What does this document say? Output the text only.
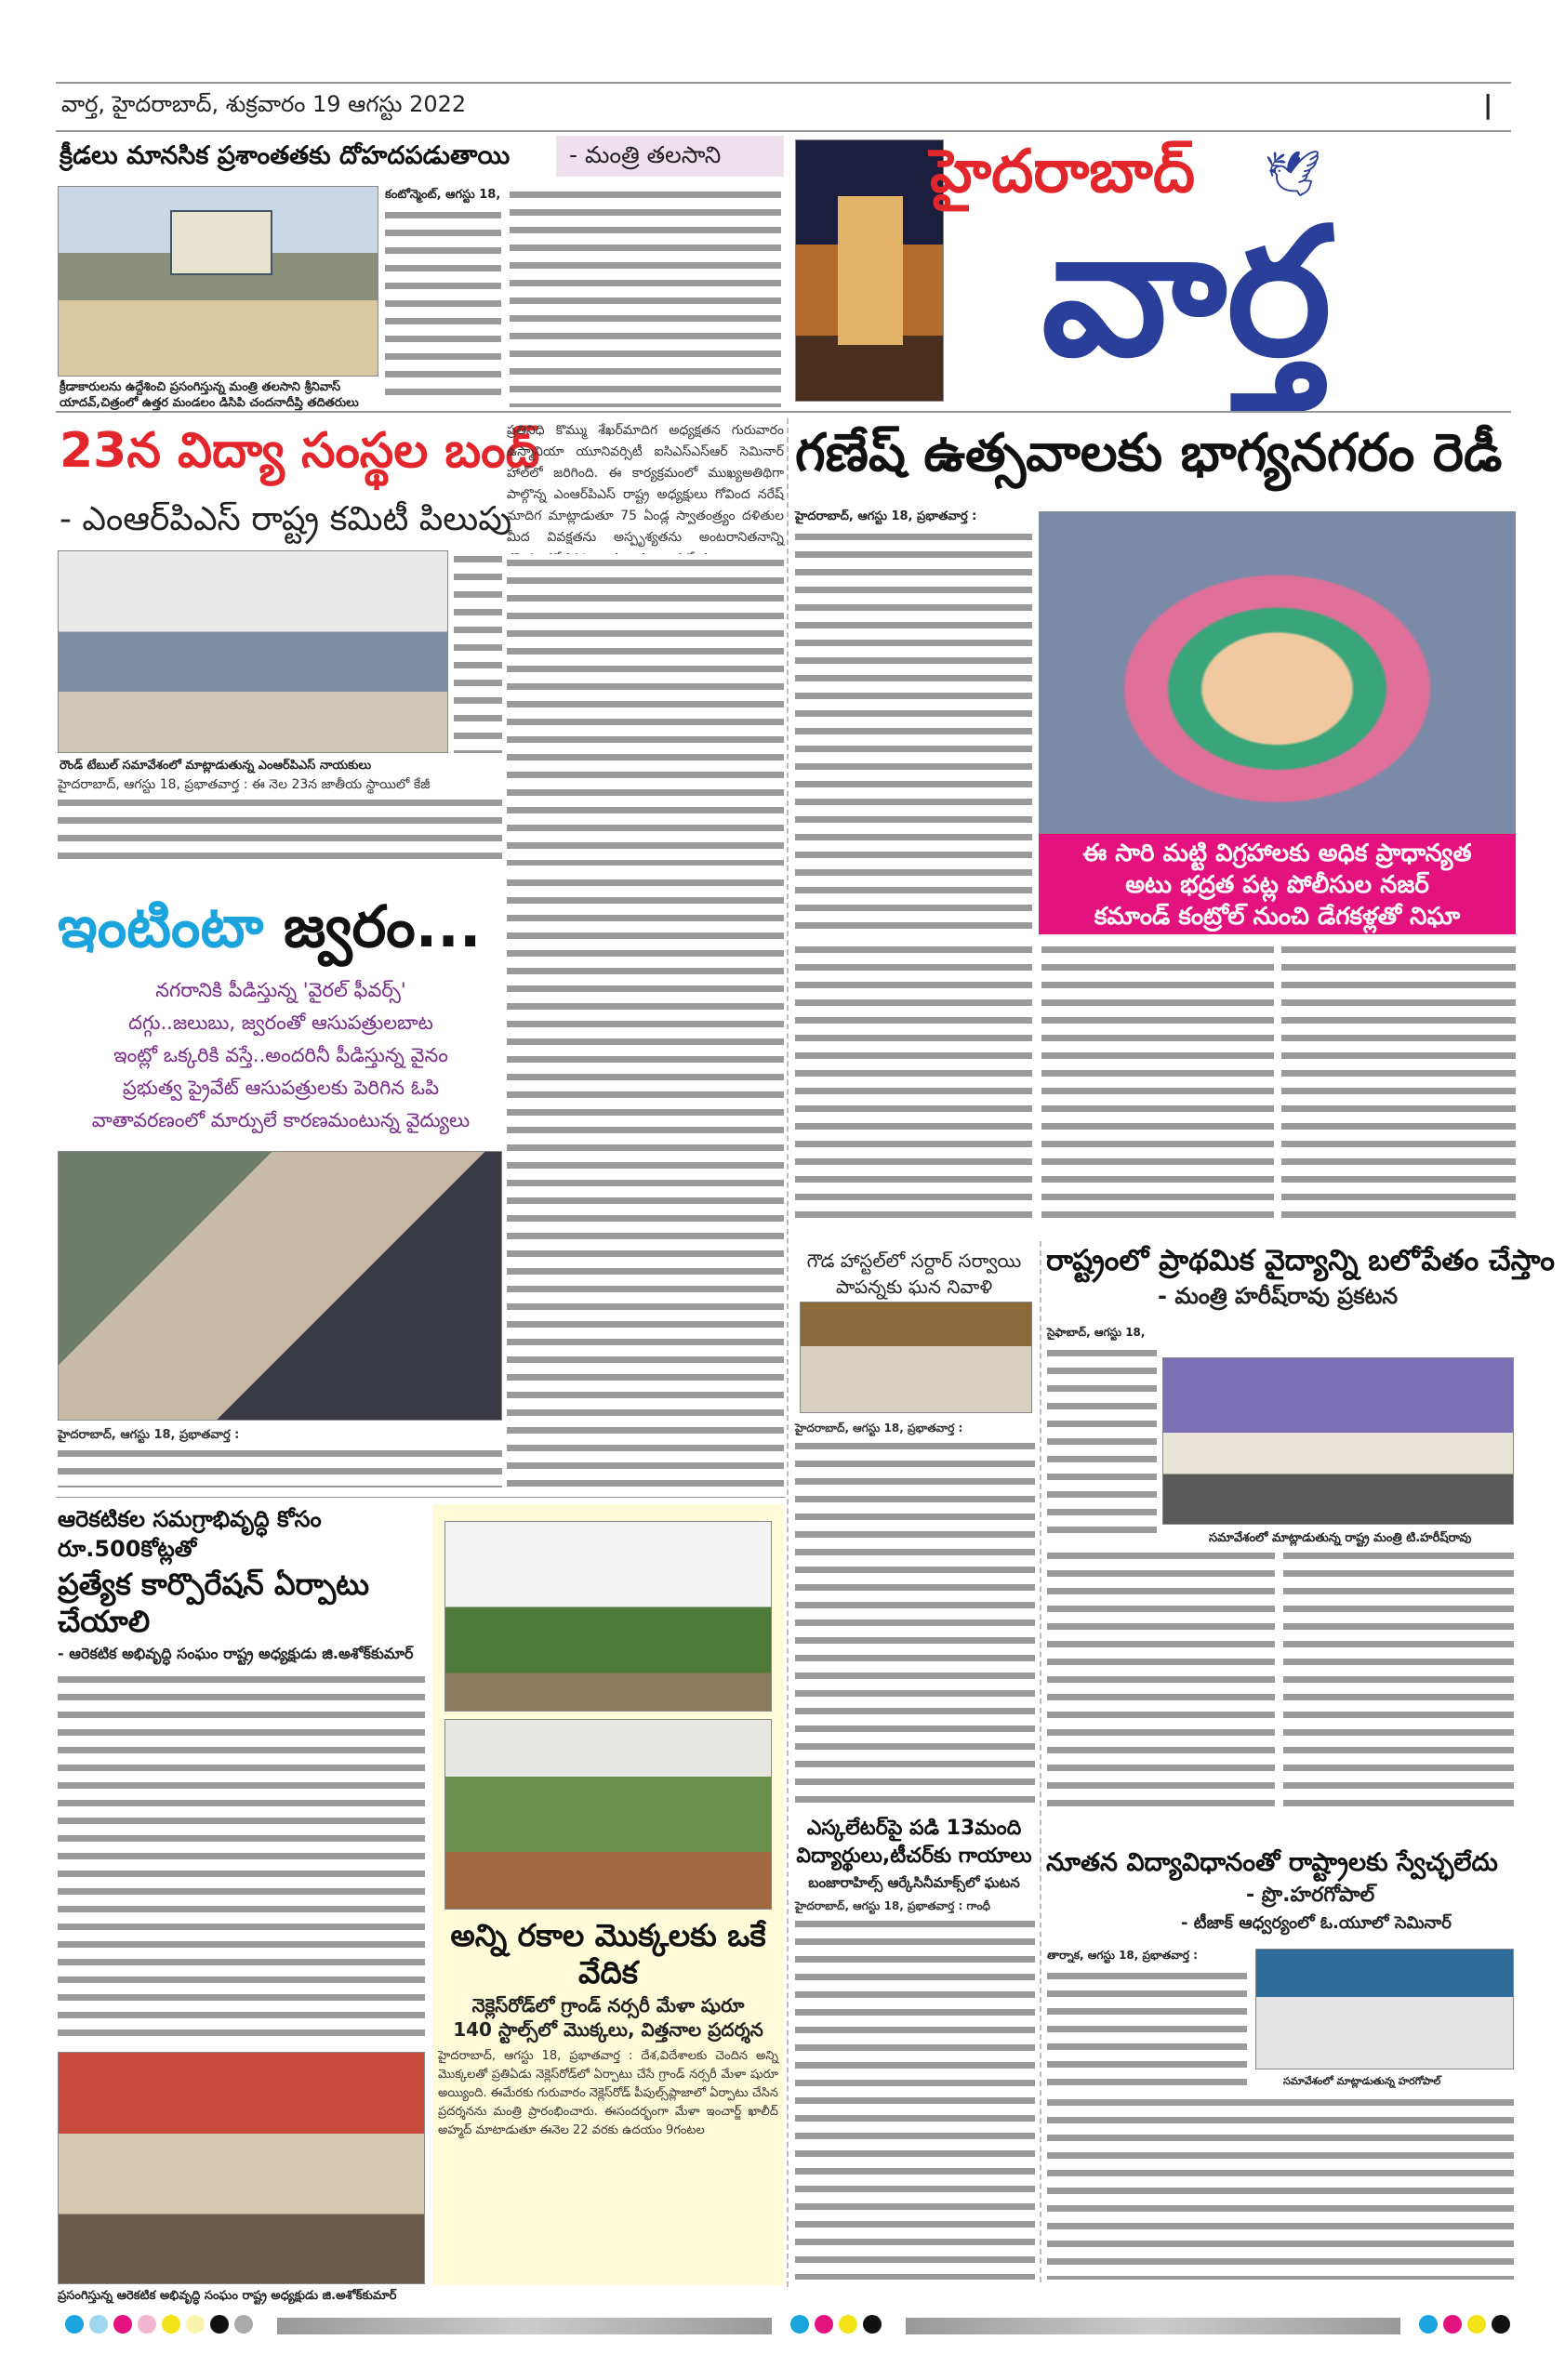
వార్త, హైదరాబాద్, శుక్రవారం 19 ఆగస్టు 2022	|
క్రీడలు మానసిక ప్రశాంతతకు దోహదపడుతాయి	- మంత్రి తలసాని
క్రీడాకారులను ఉద్దేశించి ప్రసంగిస్తున్న మంత్రి తలసాని శ్రీనివాస్ యాదవ్,చిత్రంలో ఉత్తర మండలం డిసిపి చందనాదీప్తి తదితరులు
కంటోన్మెంట్, ఆగస్టు 18,	హైదరాబాద్ 🕊
వార్త
23న విద్యా సంస్థల బంద్
- ఎంఆర్‌పిఎస్ రాష్ట్ర కమిటీ పిలుపు
ప్రతినిధి కొమ్ము శేఖర్‌మాదిగ అధ్యక్షతన గురువారం ఉస్మానియా యూనివర్సిటీ ఐసిఎస్ఎస్ఆర్ సెమినార్ హాల్‌లో జరిగింది. ఈ కార్యక్రమంలో ముఖ్యఅతిథిగా పాల్గొన్న ఎంఆర్‌పిఎస్ రాష్ట్ర అధ్యక్షులు గోవింద నరేష్ మాదిగ మాట్లాడుతూ 75 ఏండ్ల స్వాతంత్ర్యం దళితుల మీద వివక్షతను అస్పృశ్యతను అంటరానితనాన్ని
రౌండ్ టేబుల్ సమావేశంలో మాట్లాడుతున్న ఎంఆర్‌పిఎస్ నాయకులు
హైదరాబాద్, ఆగస్టు 18, ప్రభాతవార్త : ఈ నెల 23న జాతీయ స్థాయిలో కేజీ
గణేష్ ఉత్సవాలకు భాగ్యనగరం రెడీ
హైదరాబాద్, ఆగస్టు 18, ప్రభాతవార్త :
ఈ సారి మట్టి విగ్రహాలకు అధిక ప్రాధాన్యత
అటు భద్రత పట్ల పోలీసుల నజర్
కమాండ్ కంట్రోల్ నుంచి డేగకళ్లతో నిఘా
ఇంటింటా జ్వరం...
నగరానికి పీడిస్తున్న 'వైరల్ ఫీవర్స్'
దగ్గు..జలుబు, జ్వరంతో ఆసుపత్రులబాట
ఇంట్లో ఒక్కరికి వస్తే..అందరినీ పీడిస్తున్న వైనం
ప్రభుత్వ ప్రైవేట్ ఆసుపత్రులకు పెరిగిన ఓపి
వాతావరణంలో మార్పులే కారణమంటున్న వైద్యులు
హైదరాబాద్, ఆగస్టు 18, ప్రభాతవార్త :
ఆరెకటికల సమగ్రాభివృద్ధి కోసం రూ.500కోట్లతో
ప్రత్యేక కార్పొరేషన్ ఏర్పాటు చేయాలి
- ఆరెకటిక అభివృద్ధి సంఘం రాష్ట్ర అధ్యక్షుడు జి.అశోక్‌కుమార్
ప్రసంగిస్తున్న ఆరెకటిక అభివృద్ధి సంఘం రాష్ట్ర అధ్యక్షుడు జి.అశోక్‌కుమార్
అన్ని రకాల మొక్కలకు ఒకే వేదిక
నెక్లెస్‌రోడ్‌లో గ్రాండ్ నర్సరీ మేళా షురూ
140 స్టాల్స్‌లో మొక్కలు, విత్తనాల ప్రదర్శన
హైదరాబాద్, ఆగస్టు 18, ప్రభాతవార్త : దేశ,విదేశాలకు చెందిన అన్ని మొక్కలతో ప్రతిఏడు నెక్లెస్‌రోడ్‌లో ఏర్పాటు చేసే గ్రాండ్ నర్సరీ మేళా షురూ అయ్యింది. ఈమేరకు గురువారం నెక్లెస్‌రోడ్ పీపుల్స్‌ప్లాజాలో ఏర్పాటు చేసిన ప్రదర్శనను మంత్రి ప్రారంభించారు. ఈసందర్భంగా మేళా ఇంచార్జ్ ఖాలీద్ అహ్మద్ మాటాడుతూ ఈనెల 22 వరకు ఉదయం 9గంటల
గౌడ హాస్టల్‌లో సర్దార్ సర్వాయి పాపన్నకు ఘన నివాళి
హైదరాబాద్, ఆగస్టు 18, ప్రభాతవార్త :
ఎస్కలేటర్‌పై పడి 13మంది విద్యార్థులు,టీచర్‌కు గాయాలు
బంజారాహిల్స్ ఆర్కేసినీమాక్స్‌లో ఘటన
హైదరాబాద్, ఆగస్టు 18, ప్రభాతవార్త : గాంధీ
రాష్ట్రంలో ప్రాథమిక వైద్యాన్ని బలోపేతం చేస్తాం
- మంత్రి హరీష్‌రావు ప్రకటన
సైఫాబాద్, ఆగస్టు 18,
సమావేశంలో మాట్లాడుతున్న రాష్ట్ర మంత్రి టి.హరీష్‌రావు
నూతన విద్యావిధానంతో రాష్ట్రాలకు స్వేచ్ఛలేదు
- ప్రొ.హరగోపాల్
- టీజాక్ ఆధ్వర్యంలో ఓ.యూలో సెమినార్
తార్నాక, ఆగస్టు 18, ప్రభాతవార్త :
సమావేశంలో మాట్లాడుతున్న హరగోపాల్
